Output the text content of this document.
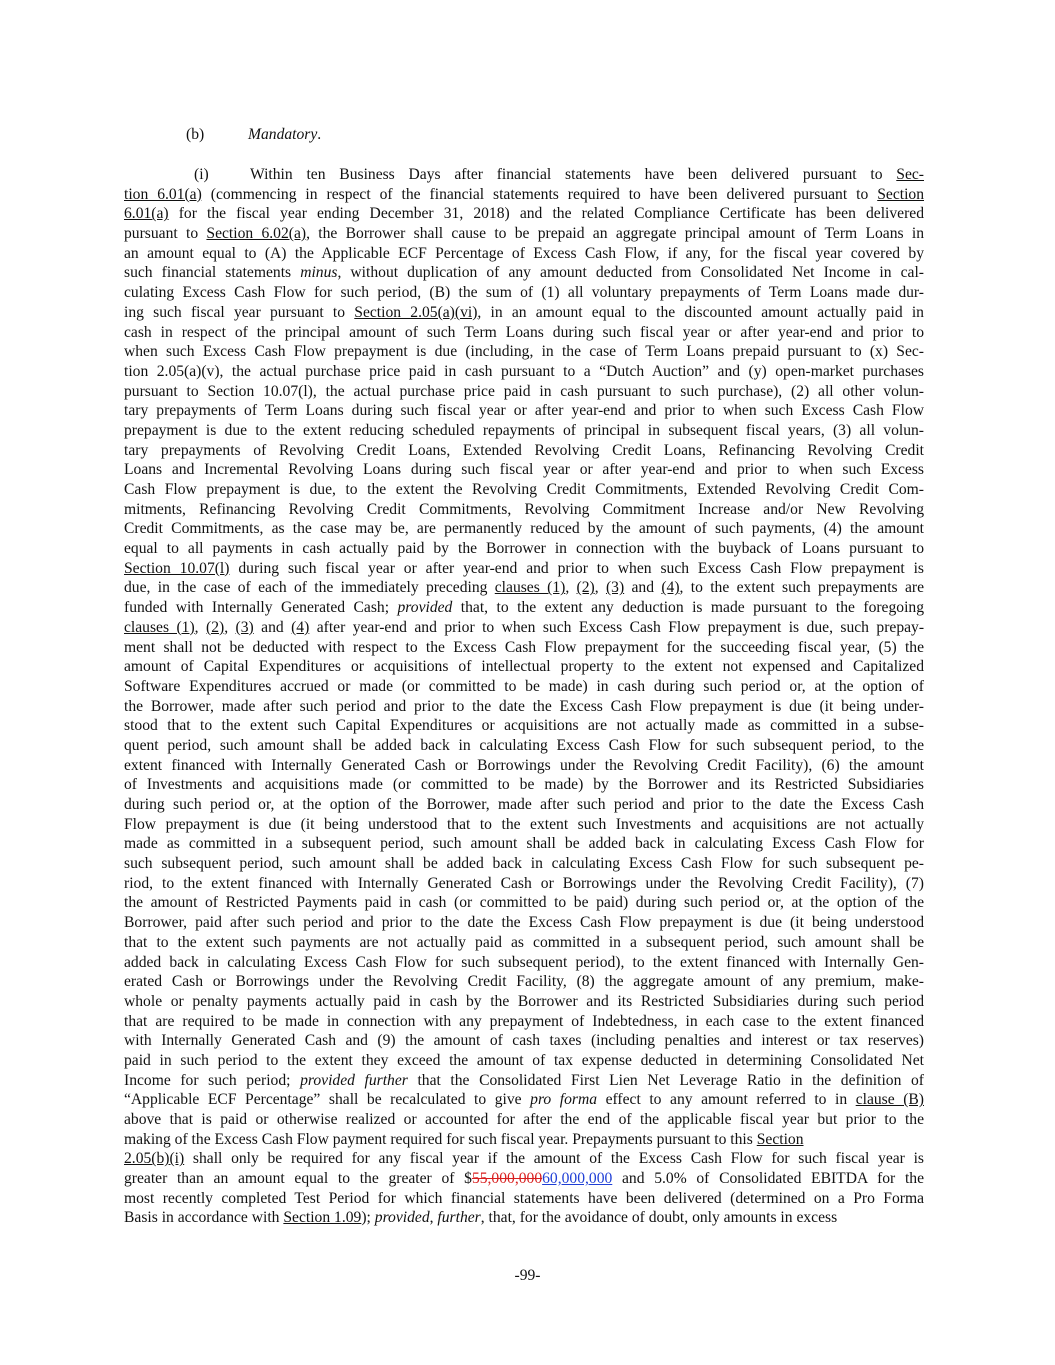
(b)	Mandatory.
(i)	Within ten Business Days after financial statements have been delivered pursuant to Sec-
tion 6.01(a) (commencing in respect of the financial statements required to have been delivered pursuant to Section
6.01(a) for the fiscal year ending December 31, 2018) and the related Compliance Certificate has been delivered
pursuant to Section 6.02(a), the Borrower shall cause to be prepaid an aggregate principal amount of Term Loans in
an amount equal to (A) the Applicable ECF Percentage of Excess Cash Flow, if any, for the fiscal year covered by
such financial statements minus, without duplication of any amount deducted from Consolidated Net Income in cal-
culating Excess Cash Flow for such period, (B) the sum of (1) all voluntary prepayments of Term Loans made dur-
ing such fiscal year pursuant to Section 2.05(a)(vi), in an amount equal to the discounted amount actually paid in
cash in respect of the principal amount of such Term Loans during such fiscal year or after year-end and prior to
when such Excess Cash Flow prepayment is due (including, in the case of Term Loans prepaid pursuant to (x) Sec-
tion 2.05(a)(v), the actual purchase price paid in cash pursuant to a “Dutch Auction” and (y) open-market purchases
pursuant to Section 10.07(l), the actual purchase price paid in cash pursuant to such purchase), (2) all other volun-
tary prepayments of Term Loans during such fiscal year or after year-end and prior to when such Excess Cash Flow
prepayment is due to the extent reducing scheduled repayments of principal in subsequent fiscal years, (3) all volun-
tary prepayments of Revolving Credit Loans, Extended Revolving Credit Loans, Refinancing Revolving Credit
Loans and Incremental Revolving Loans during such fiscal year or after year-end and prior to when such Excess
Cash Flow prepayment is due, to the extent the Revolving Credit Commitments, Extended Revolving Credit Com-
mitments, Refinancing Revolving Credit Commitments, Revolving Commitment Increase and/or New Revolving
Credit Commitments, as the case may be, are permanently reduced by the amount of such payments, (4) the amount
equal to all payments in cash actually paid by the Borrower in connection with the buyback of Loans pursuant to
Section 10.07(l) during such fiscal year or after year-end and prior to when such Excess Cash Flow prepayment is
due, in the case of each of the immediately preceding clauses (1), (2), (3) and (4), to the extent such prepayments are
funded with Internally Generated Cash; provided that, to the extent any deduction is made pursuant to the foregoing
clauses (1), (2), (3) and (4) after year-end and prior to when such Excess Cash Flow prepayment is due, such prepay-
ment shall not be deducted with respect to the Excess Cash Flow prepayment for the succeeding fiscal year, (5) the
amount of Capital Expenditures or acquisitions of intellectual property to the extent not expensed and Capitalized
Software Expenditures accrued or made (or committed to be made) in cash during such period or, at the option of
the Borrower, made after such period and prior to the date the Excess Cash Flow prepayment is due (it being under-
stood that to the extent such Capital Expenditures or acquisitions are not actually made as committed in a subse-
quent period, such amount shall be added back in calculating Excess Cash Flow for such subsequent period, to the
extent financed with Internally Generated Cash or Borrowings under the Revolving Credit Facility), (6) the amount
of Investments and acquisitions made (or committed to be made) by the Borrower and its Restricted Subsidiaries
during such period or, at the option of the Borrower, made after such period and prior to the date the Excess Cash
Flow prepayment is due (it being understood that to the extent such Investments and acquisitions are not actually
made as committed in a subsequent period, such amount shall be added back in calculating Excess Cash Flow for
such subsequent period, such amount shall be added back in calculating Excess Cash Flow for such subsequent pe-
riod, to the extent financed with Internally Generated Cash or Borrowings under the Revolving Credit Facility), (7)
the amount of Restricted Payments paid in cash (or committed to be paid) during such period or, at the option of the
Borrower, paid after such period and prior to the date the Excess Cash Flow prepayment is due (it being understood
that to the extent such payments are not actually paid as committed in a subsequent period, such amount shall be
added back in calculating Excess Cash Flow for such subsequent period), to the extent financed with Internally Gen-
erated Cash or Borrowings under the Revolving Credit Facility, (8) the aggregate amount of any premium, make-
whole or penalty payments actually paid in cash by the Borrower and its Restricted Subsidiaries during such period
that are required to be made in connection with any prepayment of Indebtedness, in each case to the extent financed
with Internally Generated Cash and (9) the amount of cash taxes (including penalties and interest or tax reserves)
paid in such period to the extent they exceed the amount of tax expense deducted in determining Consolidated Net
Income for such period; provided further that the Consolidated First Lien Net Leverage Ratio in the definition of
“Applicable ECF Percentage” shall be recalculated to give pro forma effect to any amount referred to in clause (B)
above that is paid or otherwise realized or accounted for after the end of the applicable fiscal year but prior to the
making of the Excess Cash Flow payment required for such fiscal year. Prepayments pursuant to this Section
2.05(b)(i) shall only be required for any fiscal year if the amount of the Excess Cash Flow for such fiscal year is
greater than an amount equal to the greater of $55,000,00060,000,000 and 5.0% of Consolidated EBITDA for the
most recently completed Test Period for which financial statements have been delivered (determined on a Pro Forma
Basis in accordance with Section 1.09); provided, further, that, for the avoidance of doubt, only amounts in excess
-99-
